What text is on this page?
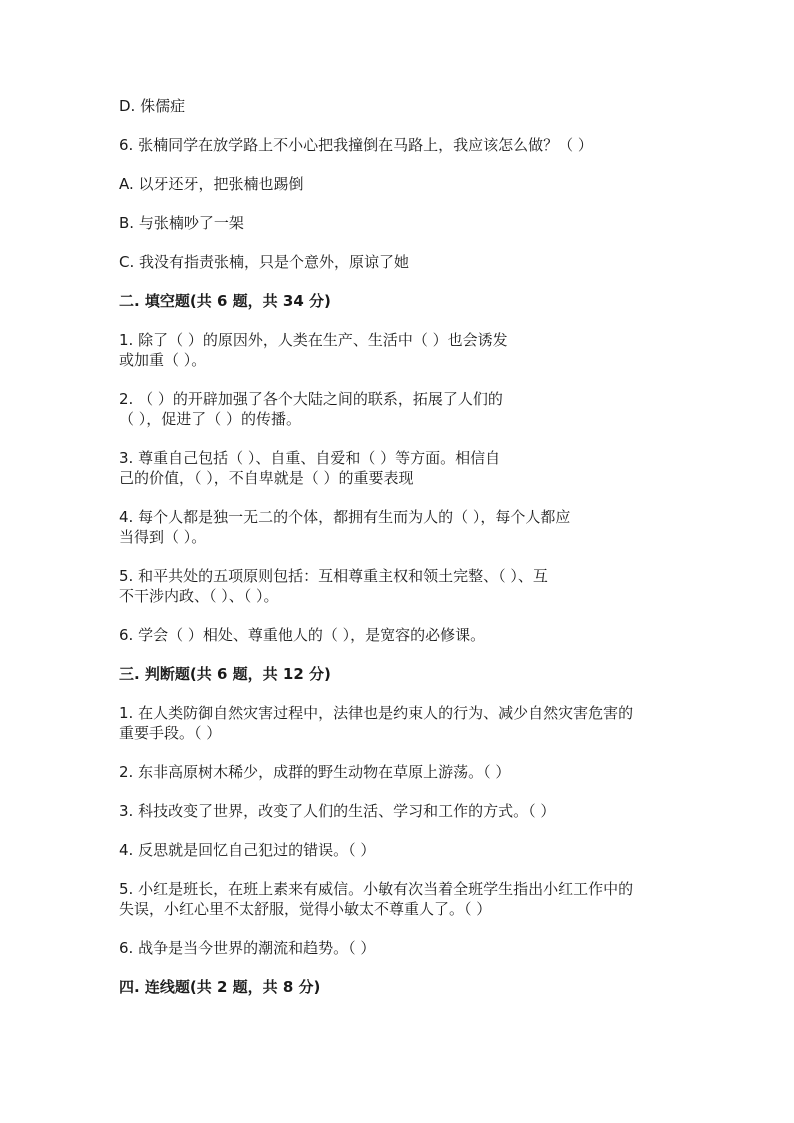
D. 侏儒症
6. 张楠同学在放学路上不小心把我撞倒在马路上，我应该怎么做？（ ）
A. 以牙还牙，把张楠也踢倒
B. 与张楠吵了一架
C. 我没有指责张楠，只是个意外，原谅了她
二. 填空题(共 6 题，共 34 分)
1. 除了（ ）的原因外，人类在生产、生活中（ ）也会诱发
或加重（ ）。
2. （ ）的开辟加强了各个大陆之间的联系，拓展了人们的
（ ），促进了（ ）的传播。
3. 尊重自己包括（ ）、自重、自爱和（ ）等方面。相信自
己的价值，（ ），不自卑就是（ ）的重要表现
4. 每个人都是独一无二的个体，都拥有生而为人的（ ），每个人都应
当得到（ ）。
5. 和平共处的五项原则包括：互相尊重主权和领土完整、（ ）、互
不干涉内政、（ ）、（ ）。
6. 学会（ ）相处、尊重他人的（ ），是宽容的必修课。
三. 判断题(共 6 题，共 12 分)
1. 在人类防御自然灾害过程中，法律也是约束人的行为、减少自然灾害危害的
重要手段。（ ）
2. 东非高原树木稀少，成群的野生动物在草原上游荡。（ ）
3. 科技改变了世界，改变了人们的生活、学习和工作的方式。（ ）
4. 反思就是回忆自己犯过的错误。（ ）
5. 小红是班长，在班上素来有威信。小敏有次当着全班学生指出小红工作中的
失误，小红心里不太舒服，觉得小敏太不尊重人了。（ ）
6. 战争是当今世界的潮流和趋势。（ ）
四. 连线题(共 2 题，共 8 分)
